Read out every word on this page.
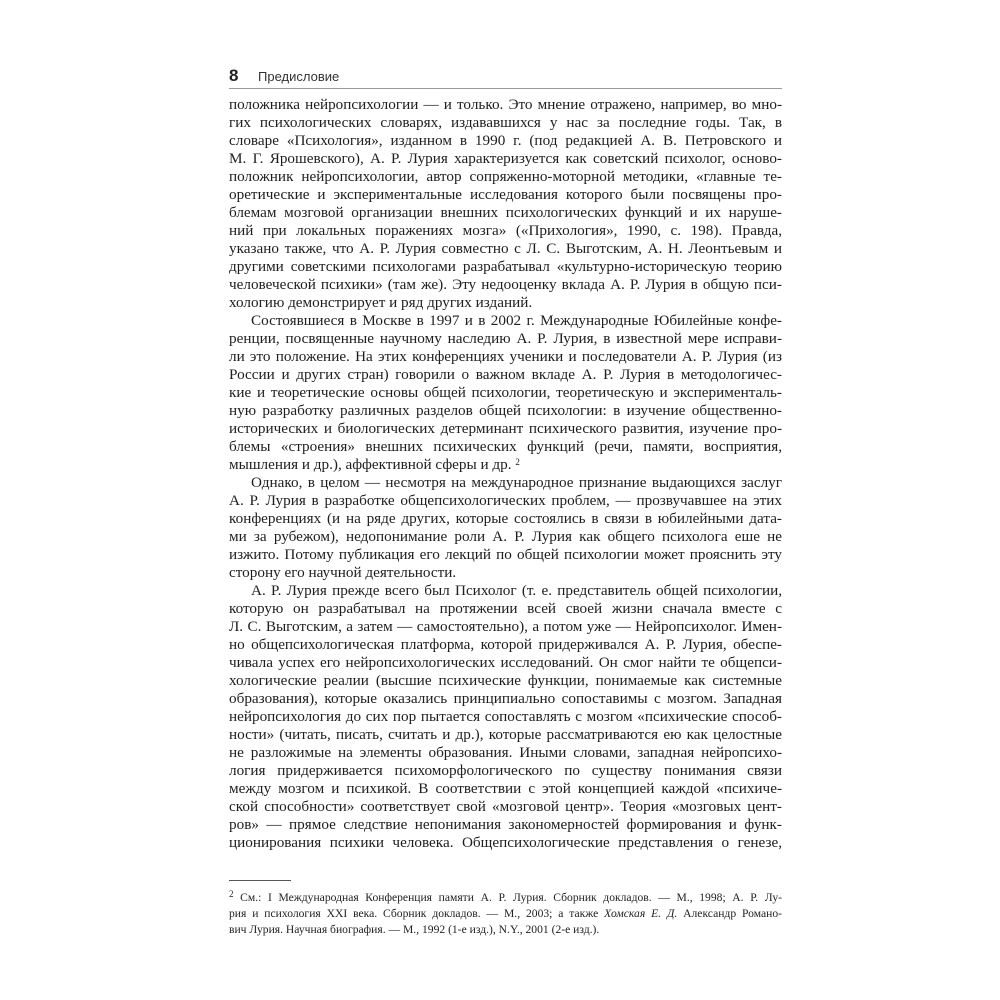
8 Предисловие
положника нейропсихологии — и только. Это мнение отражено, например, во мно-
гих психологических словарях, издававшихся у нас за последние годы. Так, в
словаре «Психология», изданном в 1990 г. (под редакцией А. В. Петровского и
М. Г. Ярошевского), А. Р. Лурия характеризуется как советский психолог, осново-
положник нейропсихологии, автор сопряженно-моторной методики, «главные те-
оретические и экспериментальные исследования которого были посвящены про-
блемам мозговой организации внешних психологических функций и их наруше-
ний при локальных поражениях мозга» («Прихология», 1990, с. 198). Правда,
указано также, что А. Р. Лурия совместно с Л. С. Выготским, А. Н. Леонтьевым и
другими советскими психологами разрабатывал «культурно-историческую теорию
человеческой психики» (там же). Эту недооценку вклада А. Р. Лурия в общую пси-
хологию демонстрирует и ряд других изданий.
Состоявшиеся в Москве в 1997 и в 2002 г. Международные Юбилейные конфе-
ренции, посвященные научному наследию А. Р. Лурия, в известной мере исправи-
ли это положение. На этих конференциях ученики и последователи А. Р. Лурия (из
России и других стран) говорили о важном вкладе А. Р. Лурия в методологичес-
кие и теоретические основы общей психологии, теоретическую и эксперименталь-
ную разработку различных разделов общей психологии: в изучение общественно-
исторических и биологических детерминант психического развития, изучение про-
блемы «строения» внешних психических функций (речи, памяти, восприятия,
мышления и др.), аффективной сферы и др. $^2$
Однако, в целом — несмотря на международное признание выдающихся заслуг
А. Р. Лурия в разработке общепсихологических проблем, — прозвучавшее на этих
конференциях (и на ряде других, которые состоялись в связи в юбилейными дата-
ми за рубежом), недопонимание роли А. Р. Лурия как общего психолога еше не
изжито. Потому публикация его лекций по общей психологии может прояснить эту
сторону его научной деятельности.
А. Р. Лурия прежде всего был Психолог (т. е. представитель общей психологии,
которую он разрабатывал на протяжении всей своей жизни сначала вместе с
Л. С. Выготским, а затем — самостоятельно), а потом уже — Нейропсихолог. Имен-
но общепсихологическая платформа, которой придерживался А. Р. Лурия, обеспе-
чивала успех его нейропсихологических исследований. Он смог найти те общепси-
хологические реалии (высшие психические функции, понимаемые как системные
образования), которые оказались принципиально сопоставимы с мозгом. Западная
нейропсихология до сих пор пытается сопоставлять с мозгом «психические способ-
ности» (читать, писать, считать и др.), которые рассматриваются ею как целостные
не разложимые на элементы образования. Иными словами, западная нейропсихо-
логия придерживается психоморфологического по существу понимания связи
между мозгом и психикой. В соответствии с этой концепцией каждой «психиче-
ской способности» соответствует свой «мозговой центр». Теория «мозговых цент-
ров» — прямое следствие непонимания закономерностей формирования и функ-
ционирования психики человека. Общепсихологические представления о генезе,
$^2$ См.: I Международная Конференция памяти А. Р. Лурия. Сборник докладов. — М., 1998; А. Р. Лу-
рия и психология XXI века. Сборник докладов. — М., 2003; а также Хомская Е. Д. Александр Романо-
вич Лурия. Научная биография. — М., 1992 (1-е изд.), N.Y., 2001 (2-е изд.).
